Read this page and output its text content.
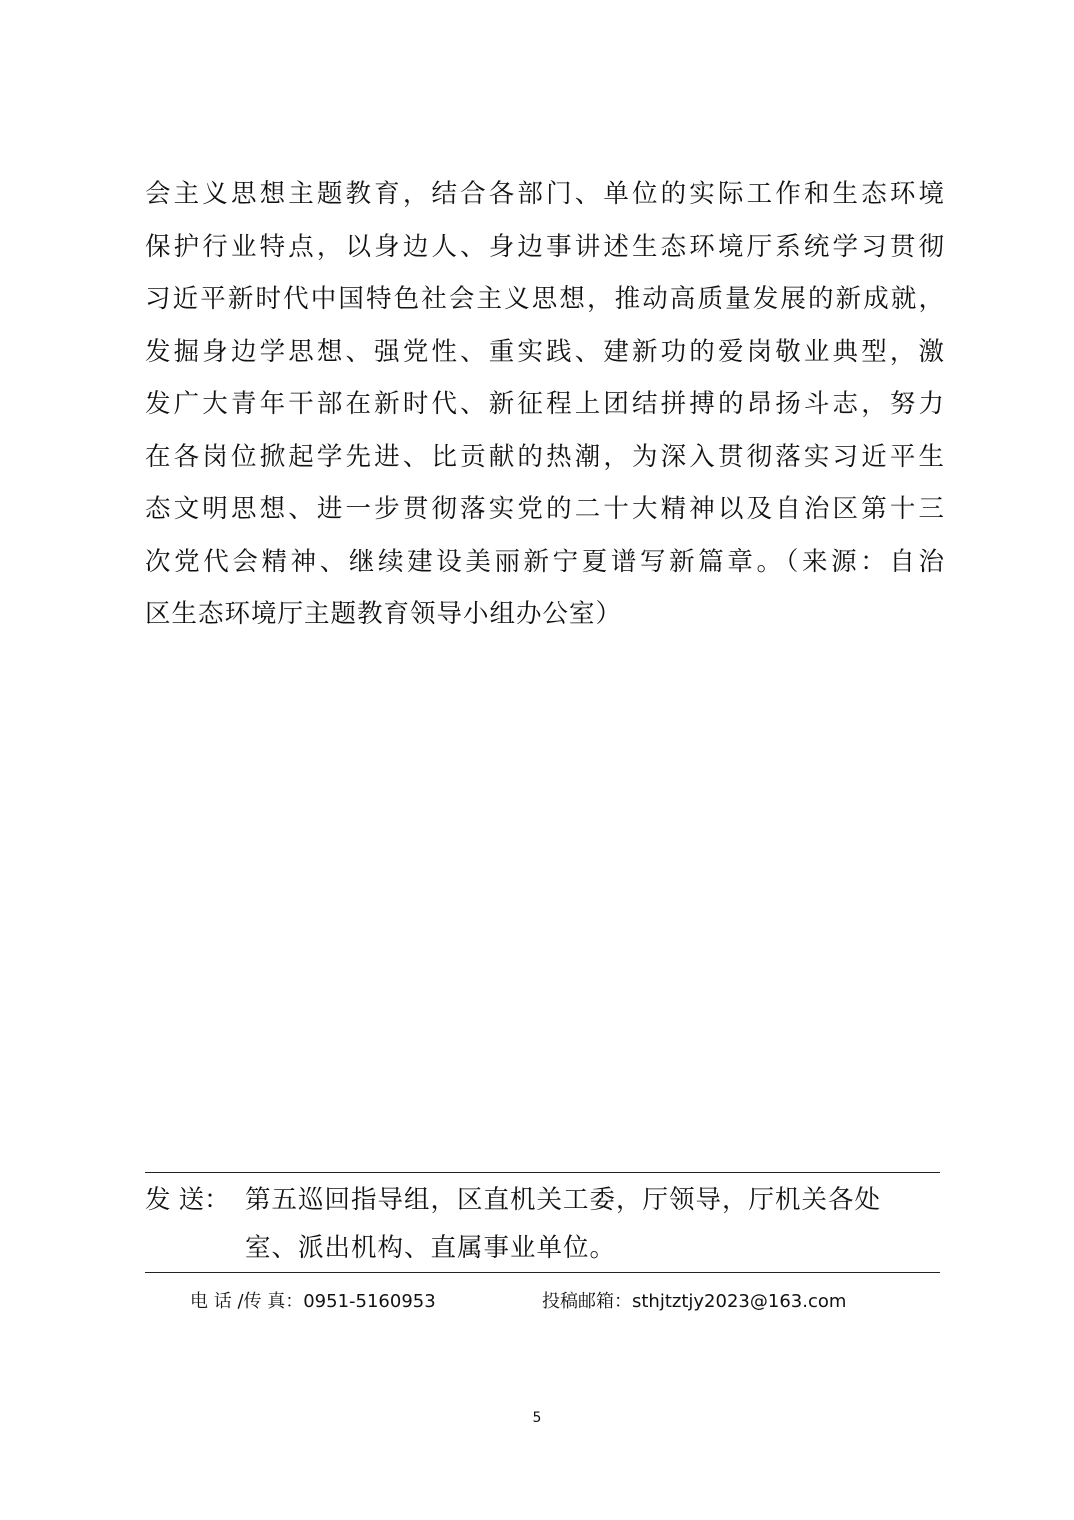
会主义思想主题教育，结合各部门、单位的实际工作和生态环境
保护行业特点，以身边人、身边事讲述生态环境厅系统学习贯彻
习近平新时代中国特色社会主义思想，推动高质量发展的新成就，
发掘身边学思想、强党性、重实践、建新功的爱岗敬业典型，激
发广大青年干部在新时代、新征程上团结拼搏的昂扬斗志，努力
在各岗位掀起学先进、比贡献的热潮，为深入贯彻落实习近平生
态文明思想、进一步贯彻落实党的二十大精神以及自治区第十三
次党代会精神、继续建设美丽新宁夏谱写新篇章。（来源：自治
区生态环境厅主题教育领导小组办公室）
发 送： 第五巡回指导组，区直机关工委，厅领导，厅机关各处
室、派出机构、直属事业单位。
电 话 /传 真：0951-5160953	投稿邮箱：sthjtztjy2023@163.com
5
